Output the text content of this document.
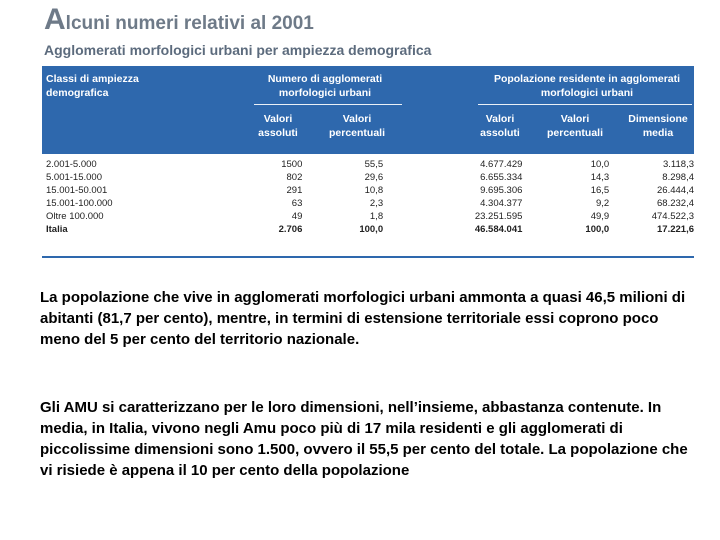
Alcuni numeri relativi al 2001
Agglomerati morfologici urbani per ampiezza demografica
Classi di ampiezza demografica
Numero di agglomerati morfologici urbani
Popolazione residente in agglomerati morfologici urbani
Valori assoluti
Valori percentuali
Valori assoluti
Valori percentuali
Dimensione media
2.001-5.000	1500	55,5	4.677.429	10,0	3.118,3
5.001-15.000	802	29,6	6.655.334	14,3	8.298,4
15.001-50.001	291	10,8	9.695.306	16,5	26.444,4
15.001-100.000	63	2,3	4.304.377	9,2	68.232,4
Oltre 100.000	49	1,8	23.251.595	49,9	474.522,3
Italia	2.706	100,0	46.584.041	100,0	17.221,6

La popolazione che vive in agglomerati morfologici urbani ammonta a quasi 46,5 milioni di abitanti (81,7 per cento), mentre, in termini di estensione territoriale essi coprono poco meno del 5 per cento del territorio nazionale.

Gli AMU si caratterizzano per le loro dimensioni, nell’insieme, abbastanza contenute. In media, in Italia, vivono negli Amu poco più di 17 mila residenti e gli agglomerati di piccolissime dimensioni sono 1.500, ovvero il 55,5 per cento del totale. La popolazione che vi risiede è appena il 10 per cento della popolazione
